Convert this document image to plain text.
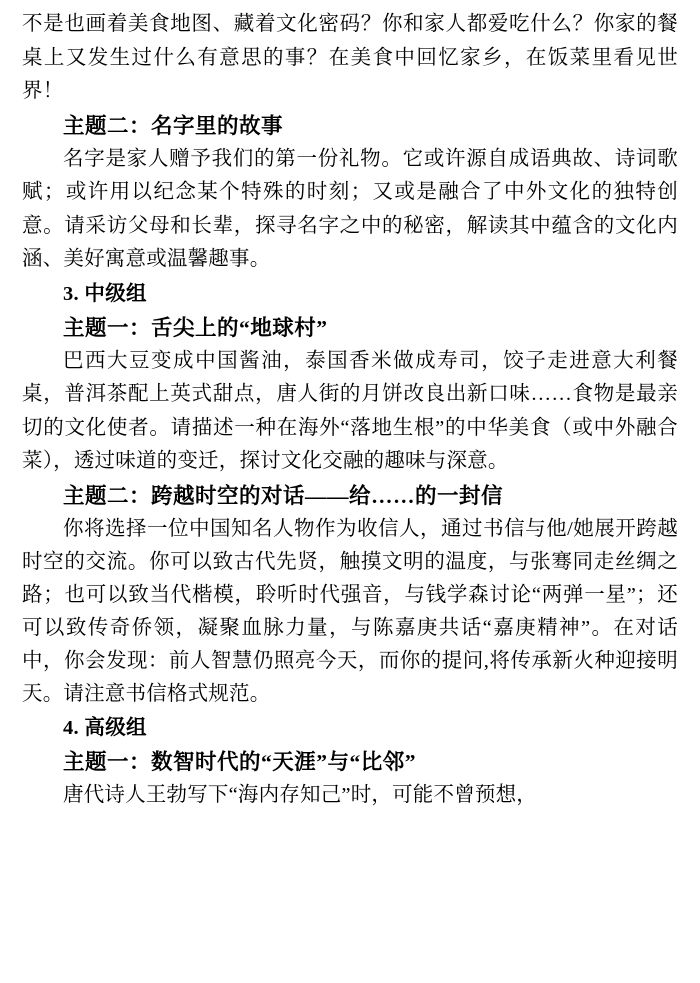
不是也画着美食地图、藏着文化密码？你和家人都爱吃什么？你家的餐桌上又发生过什么有意思的事？在美食中回忆家乡，在饭菜里看见世界！

主题二：名字里的故事

名字是家人赠予我们的第一份礼物。它或许源自成语典故、诗词歌赋；或许用以纪念某个特殊的时刻；又或是融合了中外文化的独特创意。请采访父母和长辈，探寻名字之中的秘密，解读其中蕴含的文化内涵、美好寓意或温馨趣事。

3. 中级组

主题一：舌尖上的“地球村”

巴西大豆变成中国酱油，泰国香米做成寿司，饺子走进意大利餐桌，普洱茶配上英式甜点，唐人街的月饼改良出新口味……食物是最亲切的文化使者。请描述一种在海外“落地生根”的中华美食（或中外融合菜），透过味道的变迁，探讨文化交融的趣味与深意。

主题二：跨越时空的对话——给……的一封信

你将选择一位中国知名人物作为收信人，通过书信与他/她展开跨越时空的交流。你可以致古代先贤，触摸文明的温度，与张骞同走丝绸之路；也可以致当代楷模，聆听时代强音，与钱学森讨论“两弹一星”；还可以致传奇侨领，凝聚血脉力量，与陈嘉庚共话“嘉庚精神”。在对话中，你会发现：前人智慧仍照亮今天，而你的提问,将传承新火种迎接明天。请注意书信格式规范。

4. 高级组

主题一：数智时代的“天涯”与“比邻”

唐代诗人王勃写下“海内存知己”时，可能不曾预想，
